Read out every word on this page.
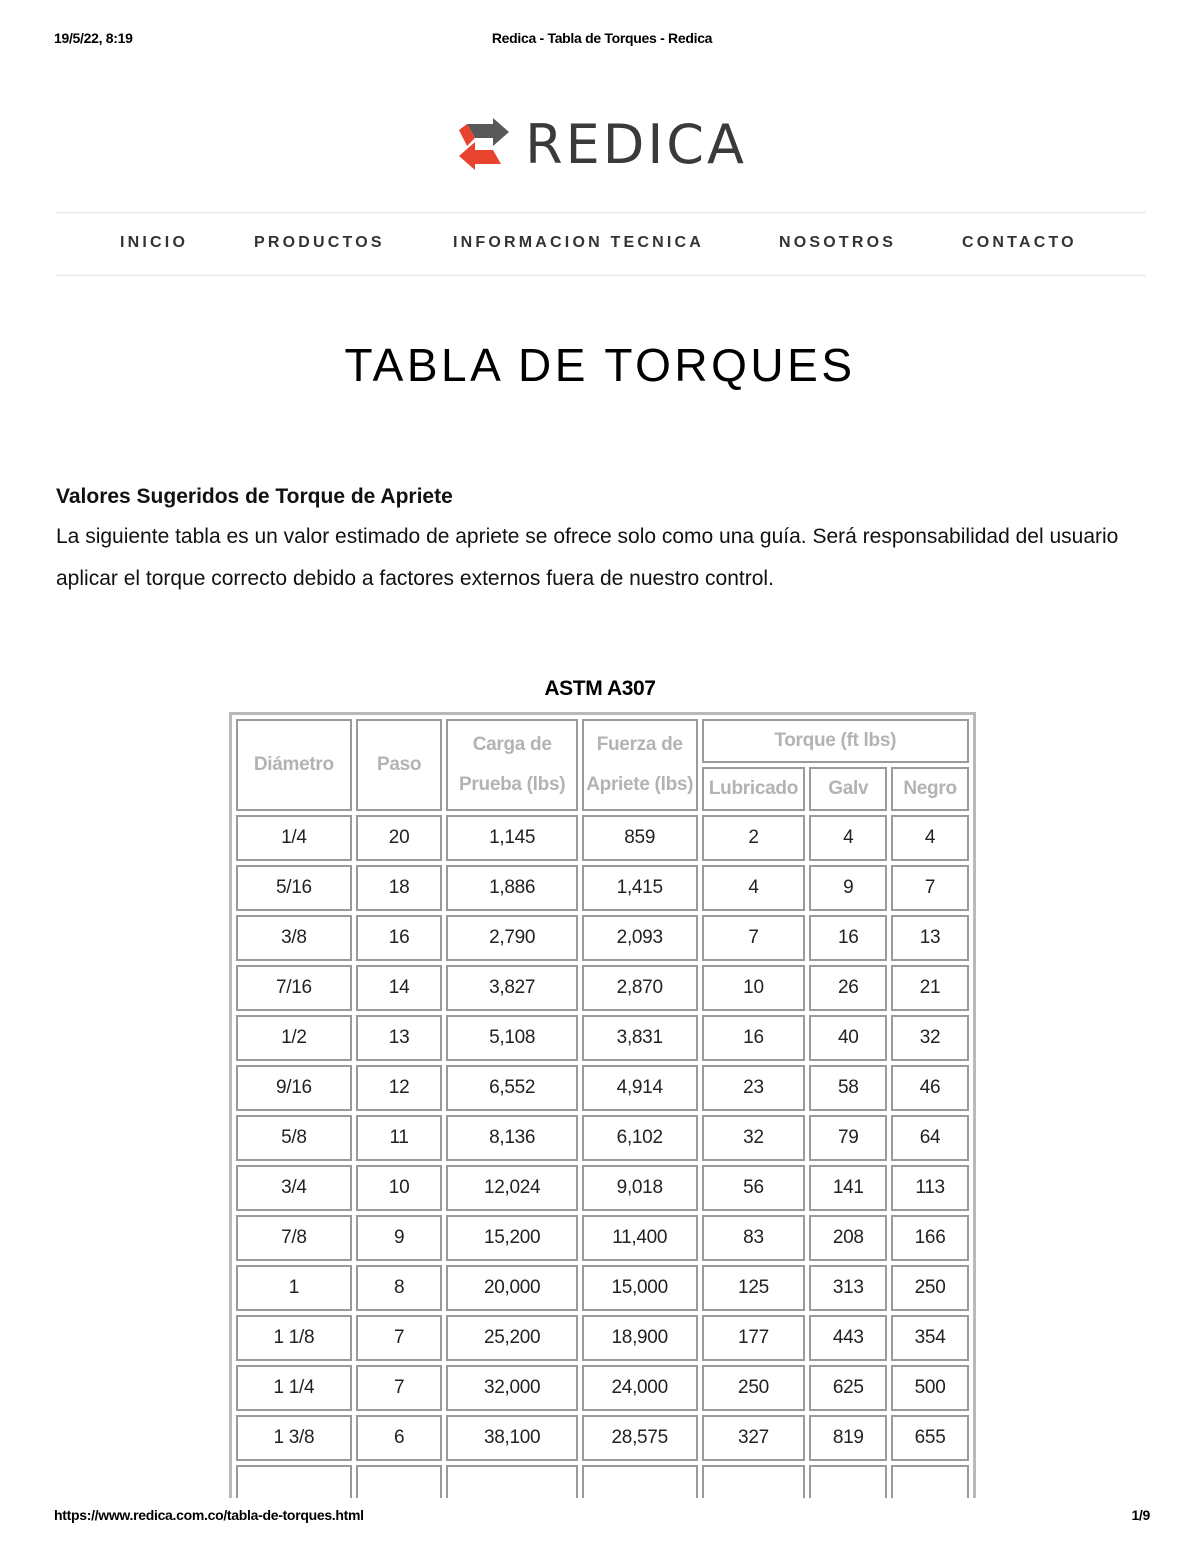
19/5/22, 8:19	Redica - Tabla de Torques - Redica
REDICA
INICIO	PRODUCTOS	INFORMACION TECNICA	NOSOTROS	CONTACTO
TABLA DE TORQUES
Valores Sugeridos de Torque de Apriete
La siguiente tabla es un valor estimado de apriete se ofrece solo como una guía. Será responsabilidad del usuario aplicar el torque correcto debido a factores externos fuera de nuestro control.
ASTM A307
Diámetro	Paso	Carga de Prueba (lbs)	Fuerza de Apriete (lbs)	Torque (ft lbs)		
				Lubricado	Galv	Negro
1/4	20	1,145	859	2	4	4
5/16	18	1,886	1,415	4	9	7
3/8	16	2,790	2,093	7	16	13
7/16	14	3,827	2,870	10	26	21
1/2	13	5,108	3,831	16	40	32
9/16	12	6,552	4,914	23	58	46
5/8	11	8,136	6,102	32	79	64
3/4	10	12,024	9,018	56	141	113
7/8	9	15,200	11,400	83	208	166
1	8	20,000	15,000	125	313	250
1 1/8	7	25,200	18,900	177	443	354
1 1/4	7	32,000	24,000	250	625	500
1 3/8	6	38,100	28,575	327	819	655

https://www.redica.com.co/tabla-de-torques.html	1/9
